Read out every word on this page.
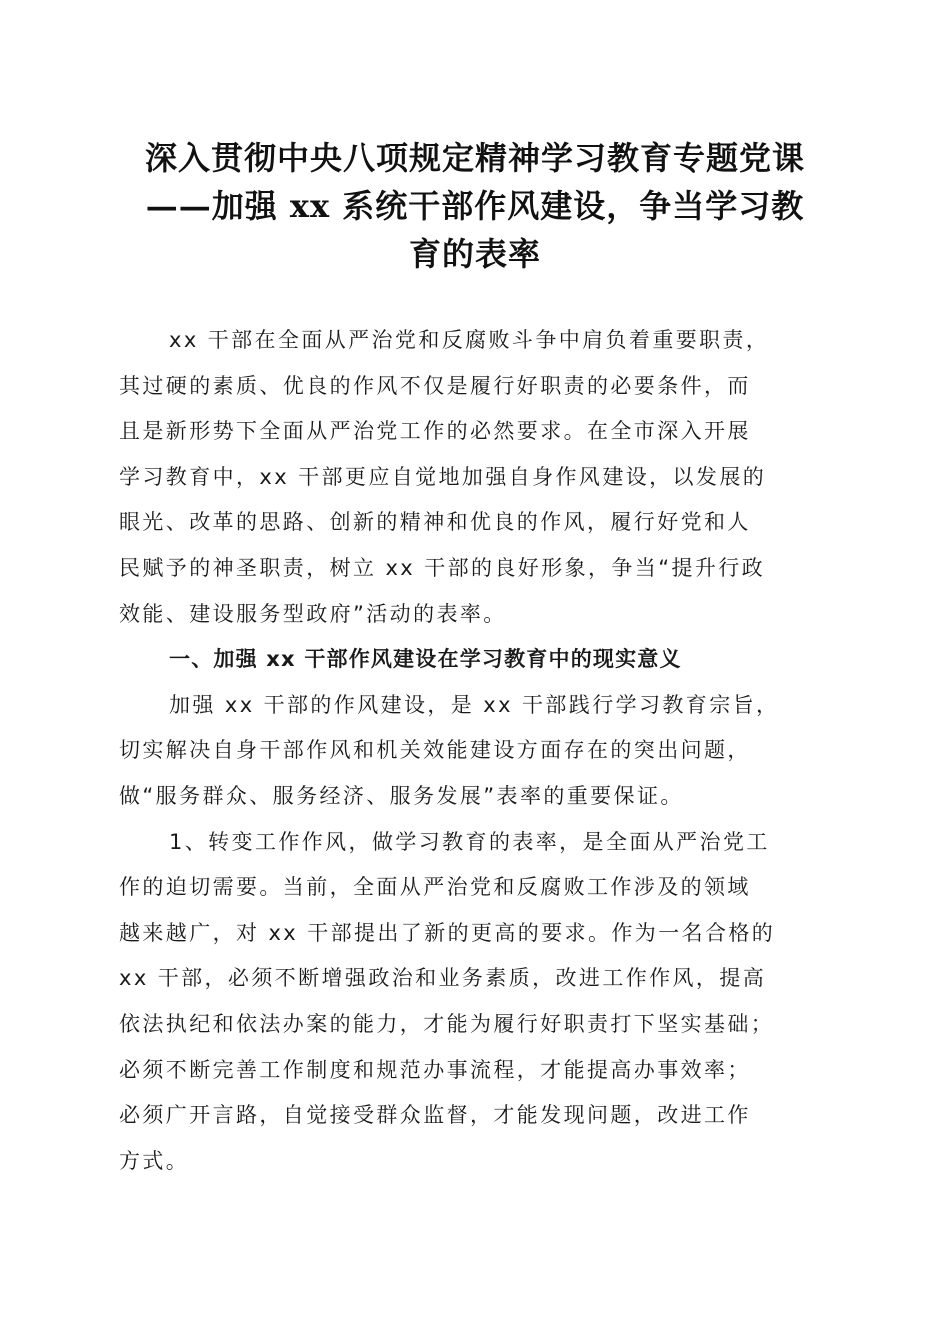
深入贯彻中央八项规定精神学习教育专题党课
——加强 xx 系统干部作风建设，争当学习教
育的表率
xx 干部在全面从严治党和反腐败斗争中肩负着重要职责，
其过硬的素质、优良的作风不仅是履行好职责的必要条件，而
且是新形势下全面从严治党工作的必然要求。在全市深入开展
学习教育中，xx 干部更应自觉地加强自身作风建设，以发展的
眼光、改革的思路、创新的精神和优良的作风，履行好党和人
民赋予的神圣职责，树立 xx 干部的良好形象，争当“提升行政
效能、建设服务型政府”活动的表率。
一、加强 xx 干部作风建设在学习教育中的现实意义
加强 xx 干部的作风建设，是 xx 干部践行学习教育宗旨，
切实解决自身干部作风和机关效能建设方面存在的突出问题，
做“服务群众、服务经济、服务发展”表率的重要保证。
1、转变工作作风，做学习教育的表率，是全面从严治党工
作的迫切需要。当前，全面从严治党和反腐败工作涉及的领域
越来越广，对 xx 干部提出了新的更高的要求。作为一名合格的
xx 干部，必须不断增强政治和业务素质，改进工作作风，提高
依法执纪和依法办案的能力，才能为履行好职责打下坚实基础；
必须不断完善工作制度和规范办事流程，才能提高办事效率；
必须广开言路，自觉接受群众监督，才能发现问题，改进工作
方式。
